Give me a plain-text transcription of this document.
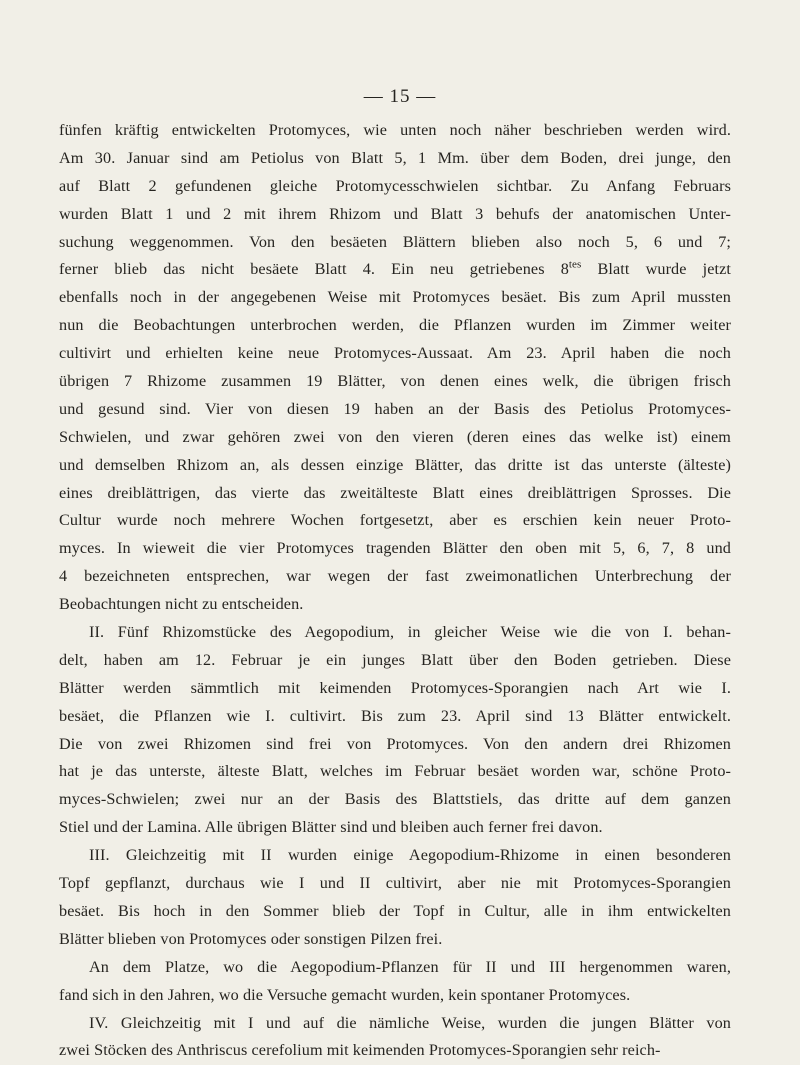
— 15 —
fünfen kräftig entwickelten Protomyces, wie unten noch näher beschrieben werden wird.
Am 30. Januar sind am Petiolus von Blatt 5, 1 Mm. über dem Boden, drei junge, den
auf Blatt 2 gefundenen gleiche Protomycesschwielen sichtbar. Zu Anfang Februars
wurden Blatt 1 und 2 mit ihrem Rhizom und Blatt 3 behufs der anatomischen Unter-
suchung weggenommen. Von den besäeten Blättern blieben also noch 5, 6 und 7;
ferner blieb das nicht besäete Blatt 4. Ein neu getriebenes $8^{tes}$ Blatt wurde jetzt
ebenfalls noch in der angegebenen Weise mit Protomyces besäet. Bis zum April mussten
nun die Beobachtungen unterbrochen werden, die Pflanzen wurden im Zimmer weiter
cultivirt und erhielten keine neue Protomyces-Aussaat. Am 23. April haben die noch
übrigen 7 Rhizome zusammen 19 Blätter, von denen eines welk, die übrigen frisch
und gesund sind. Vier von diesen 19 haben an der Basis des Petiolus Protomyces-
Schwielen, und zwar gehören zwei von den vieren (deren eines das welke ist) einem
und demselben Rhizom an, als dessen einzige Blätter, das dritte ist das unterste (älteste)
eines dreiblättrigen, das vierte das zweitälteste Blatt eines dreiblättrigen Sprosses. Die
Cultur wurde noch mehrere Wochen fortgesetzt, aber es erschien kein neuer Proto-
myces. In wieweit die vier Protomyces tragenden Blätter den oben mit 5, 6, 7, 8 und
4 bezeichneten entsprechen, war wegen der fast zweimonatlichen Unterbrechung der
Beobachtungen nicht zu entscheiden.
II. Fünf Rhizomstücke des Aegopodium, in gleicher Weise wie die von I. behan-
delt, haben am 12. Februar je ein junges Blatt über den Boden getrieben. Diese
Blätter werden sämmtlich mit keimenden Protomyces-Sporangien nach Art wie I.
besäet, die Pflanzen wie I. cultivirt. Bis zum 23. April sind 13 Blätter entwickelt.
Die von zwei Rhizomen sind frei von Protomyces. Von den andern drei Rhizomen
hat je das unterste, älteste Blatt, welches im Februar besäet worden war, schöne Proto-
myces-Schwielen; zwei nur an der Basis des Blattstiels, das dritte auf dem ganzen
Stiel und der Lamina. Alle übrigen Blätter sind und bleiben auch ferner frei davon.
III. Gleichzeitig mit II wurden einige Aegopodium-Rhizome in einen besonderen
Topf gepflanzt, durchaus wie I und II cultivirt, aber nie mit Protomyces-Sporangien
besäet. Bis hoch in den Sommer blieb der Topf in Cultur, alle in ihm entwickelten
Blätter blieben von Protomyces oder sonstigen Pilzen frei.
An dem Platze, wo die Aegopodium-Pflanzen für II und III hergenommen waren,
fand sich in den Jahren, wo die Versuche gemacht wurden, kein spontaner Protomyces.
IV. Gleichzeitig mit I und auf die nämliche Weise, wurden die jungen Blätter von
zwei Stöcken des Anthriscus cerefolium mit keimenden Protomyces-Sporangien sehr reich-
